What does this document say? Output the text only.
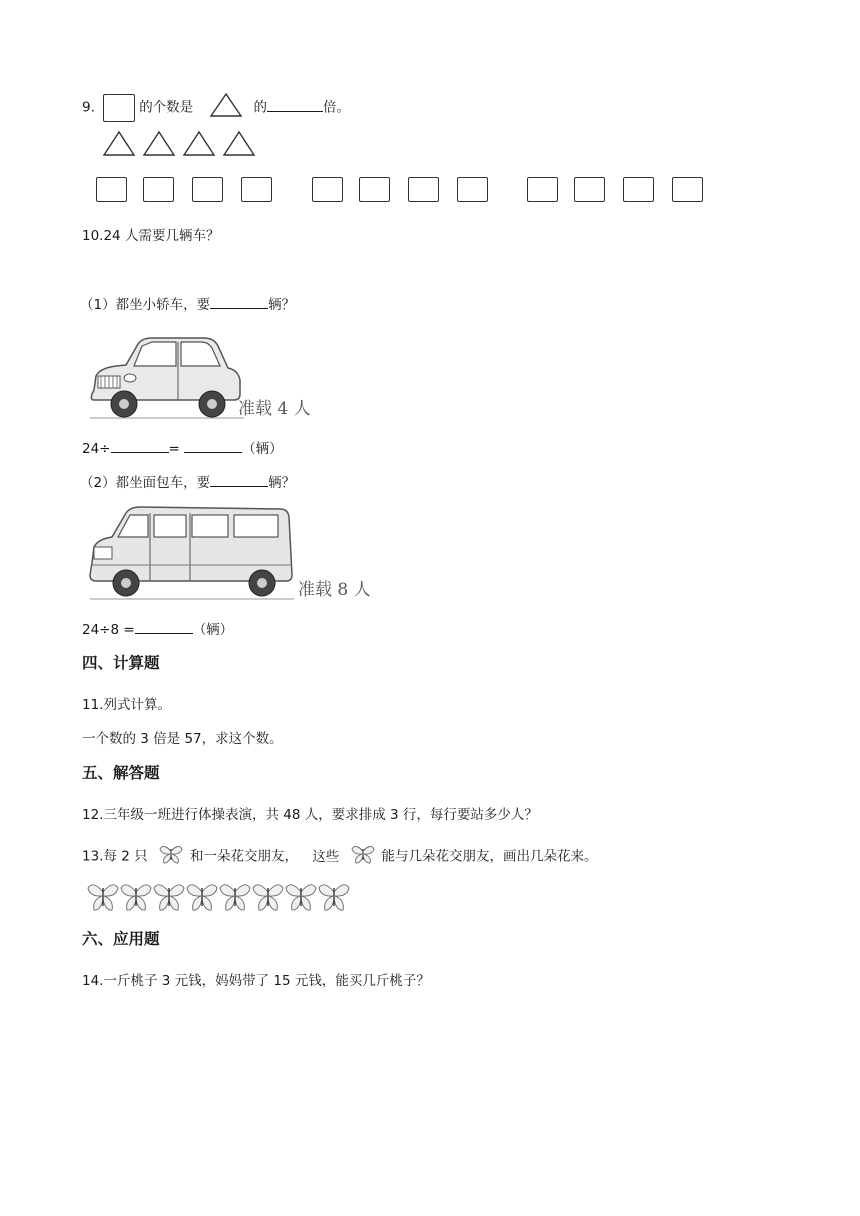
9.	的个数是	的	倍。
10.24 人需要几辆车？
（1）都坐小轿车，要	辆？
准载 4 人
24÷	=	（辆）
（2）都坐面包车，要	辆？
准载 8 人
24÷8 =	（辆）
四、计算题
11.列式计算。
一个数的 3 倍是 57，求这个数。
五、解答题
12.三年级一班进行体操表演，共 48 人，要求排成 3 行，每行要站多少人？
13.每 2 只	和一朵花交朋友， 这些	能与几朵花交朋友，画出几朵花来。
六、应用题
14.一斤桃子 3 元钱，妈妈带了 15 元钱，能买几斤桃子？
